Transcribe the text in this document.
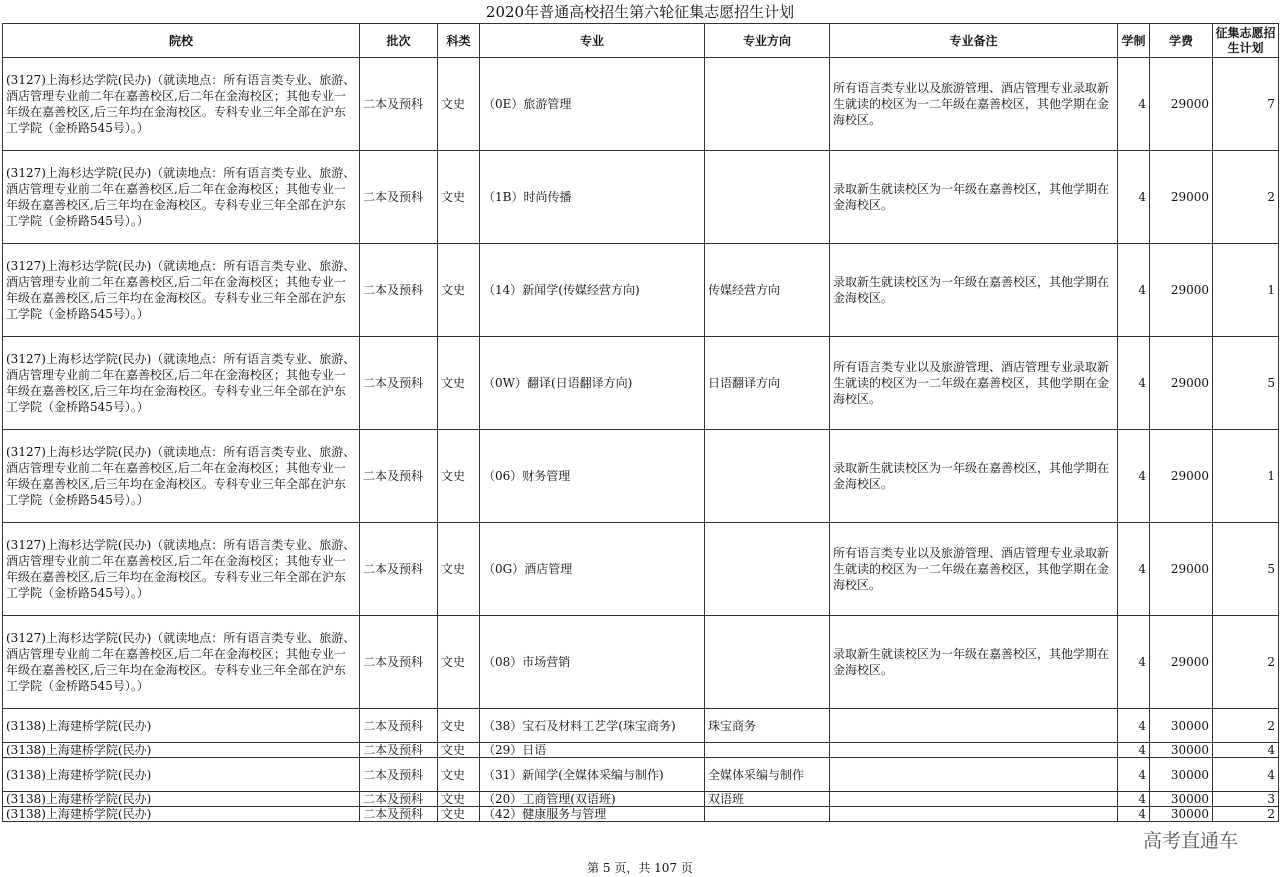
2020年普通高校招生第六轮征集志愿招生计划
院校	批次	科类	专业	专业方向	专业备注	学制	学费	征集志愿招生计划
(3127)上海杉达学院(民办)（就读地点：所有语言类专业、旅游、酒店管理专业前二年在嘉善校区,后二年在金海校区；其他专业一年级在嘉善校区,后三年均在金海校区。专科专业三年全部在沪东工学院（金桥路545号）。）	二本及预科	文史	（0E）旅游管理		所有语言类专业以及旅游管理、酒店管理专业录取新生就读的校区为一二年级在嘉善校区，其他学期在金海校区。	4	29000	7
(3127)上海杉达学院(民办)（就读地点：所有语言类专业、旅游、酒店管理专业前二年在嘉善校区,后二年在金海校区；其他专业一年级在嘉善校区,后三年均在金海校区。专科专业三年全部在沪东工学院（金桥路545号）。）	二本及预科	文史	（1B）时尚传播		录取新生就读校区为一年级在嘉善校区，其他学期在金海校区。	4	29000	2
(3127)上海杉达学院(民办)（就读地点：所有语言类专业、旅游、酒店管理专业前二年在嘉善校区,后二年在金海校区；其他专业一年级在嘉善校区,后三年均在金海校区。专科专业三年全部在沪东工学院（金桥路545号）。）	二本及预科	文史	（14）新闻学(传媒经营方向)	传媒经营方向	录取新生就读校区为一年级在嘉善校区，其他学期在金海校区。	4	29000	1
(3127)上海杉达学院(民办)（就读地点：所有语言类专业、旅游、酒店管理专业前二年在嘉善校区,后二年在金海校区；其他专业一年级在嘉善校区,后三年均在金海校区。专科专业三年全部在沪东工学院（金桥路545号）。）	二本及预科	文史	（0W）翻译(日语翻译方向)	日语翻译方向	所有语言类专业以及旅游管理、酒店管理专业录取新生就读的校区为一二年级在嘉善校区，其他学期在金海校区。	4	29000	5
(3127)上海杉达学院(民办)（就读地点：所有语言类专业、旅游、酒店管理专业前二年在嘉善校区,后二年在金海校区；其他专业一年级在嘉善校区,后三年均在金海校区。专科专业三年全部在沪东工学院（金桥路545号）。）	二本及预科	文史	（06）财务管理		录取新生就读校区为一年级在嘉善校区，其他学期在金海校区。	4	29000	1
(3127)上海杉达学院(民办)（就读地点：所有语言类专业、旅游、酒店管理专业前二年在嘉善校区,后二年在金海校区；其他专业一年级在嘉善校区,后三年均在金海校区。专科专业三年全部在沪东工学院（金桥路545号）。）	二本及预科	文史	（0G）酒店管理		所有语言类专业以及旅游管理、酒店管理专业录取新生就读的校区为一二年级在嘉善校区，其他学期在金海校区。	4	29000	5
(3127)上海杉达学院(民办)（就读地点：所有语言类专业、旅游、酒店管理专业前二年在嘉善校区,后二年在金海校区；其他专业一年级在嘉善校区,后三年均在金海校区。专科专业三年全部在沪东工学院（金桥路545号）。）	二本及预科	文史	（08）市场营销		录取新生就读校区为一年级在嘉善校区，其他学期在金海校区。	4	29000	2
(3138)上海建桥学院(民办)	二本及预科	文史	（38）宝石及材料工艺学(珠宝商务)	珠宝商务		4	30000	2
(3138)上海建桥学院(民办)	二本及预科	文史	（29）日语			4	30000	4
(3138)上海建桥学院(民办)	二本及预科	文史	（31）新闻学(全媒体采编与制作)	全媒体采编与制作		4	30000	4
(3138)上海建桥学院(民办)	二本及预科	文史	（20）工商管理(双语班)	双语班		4	30000	3
(3138)上海建桥学院(民办)	二本及预科	文史	（42）健康服务与管理			4	30000	2
高考直通车
第 5 页，共 107 页
